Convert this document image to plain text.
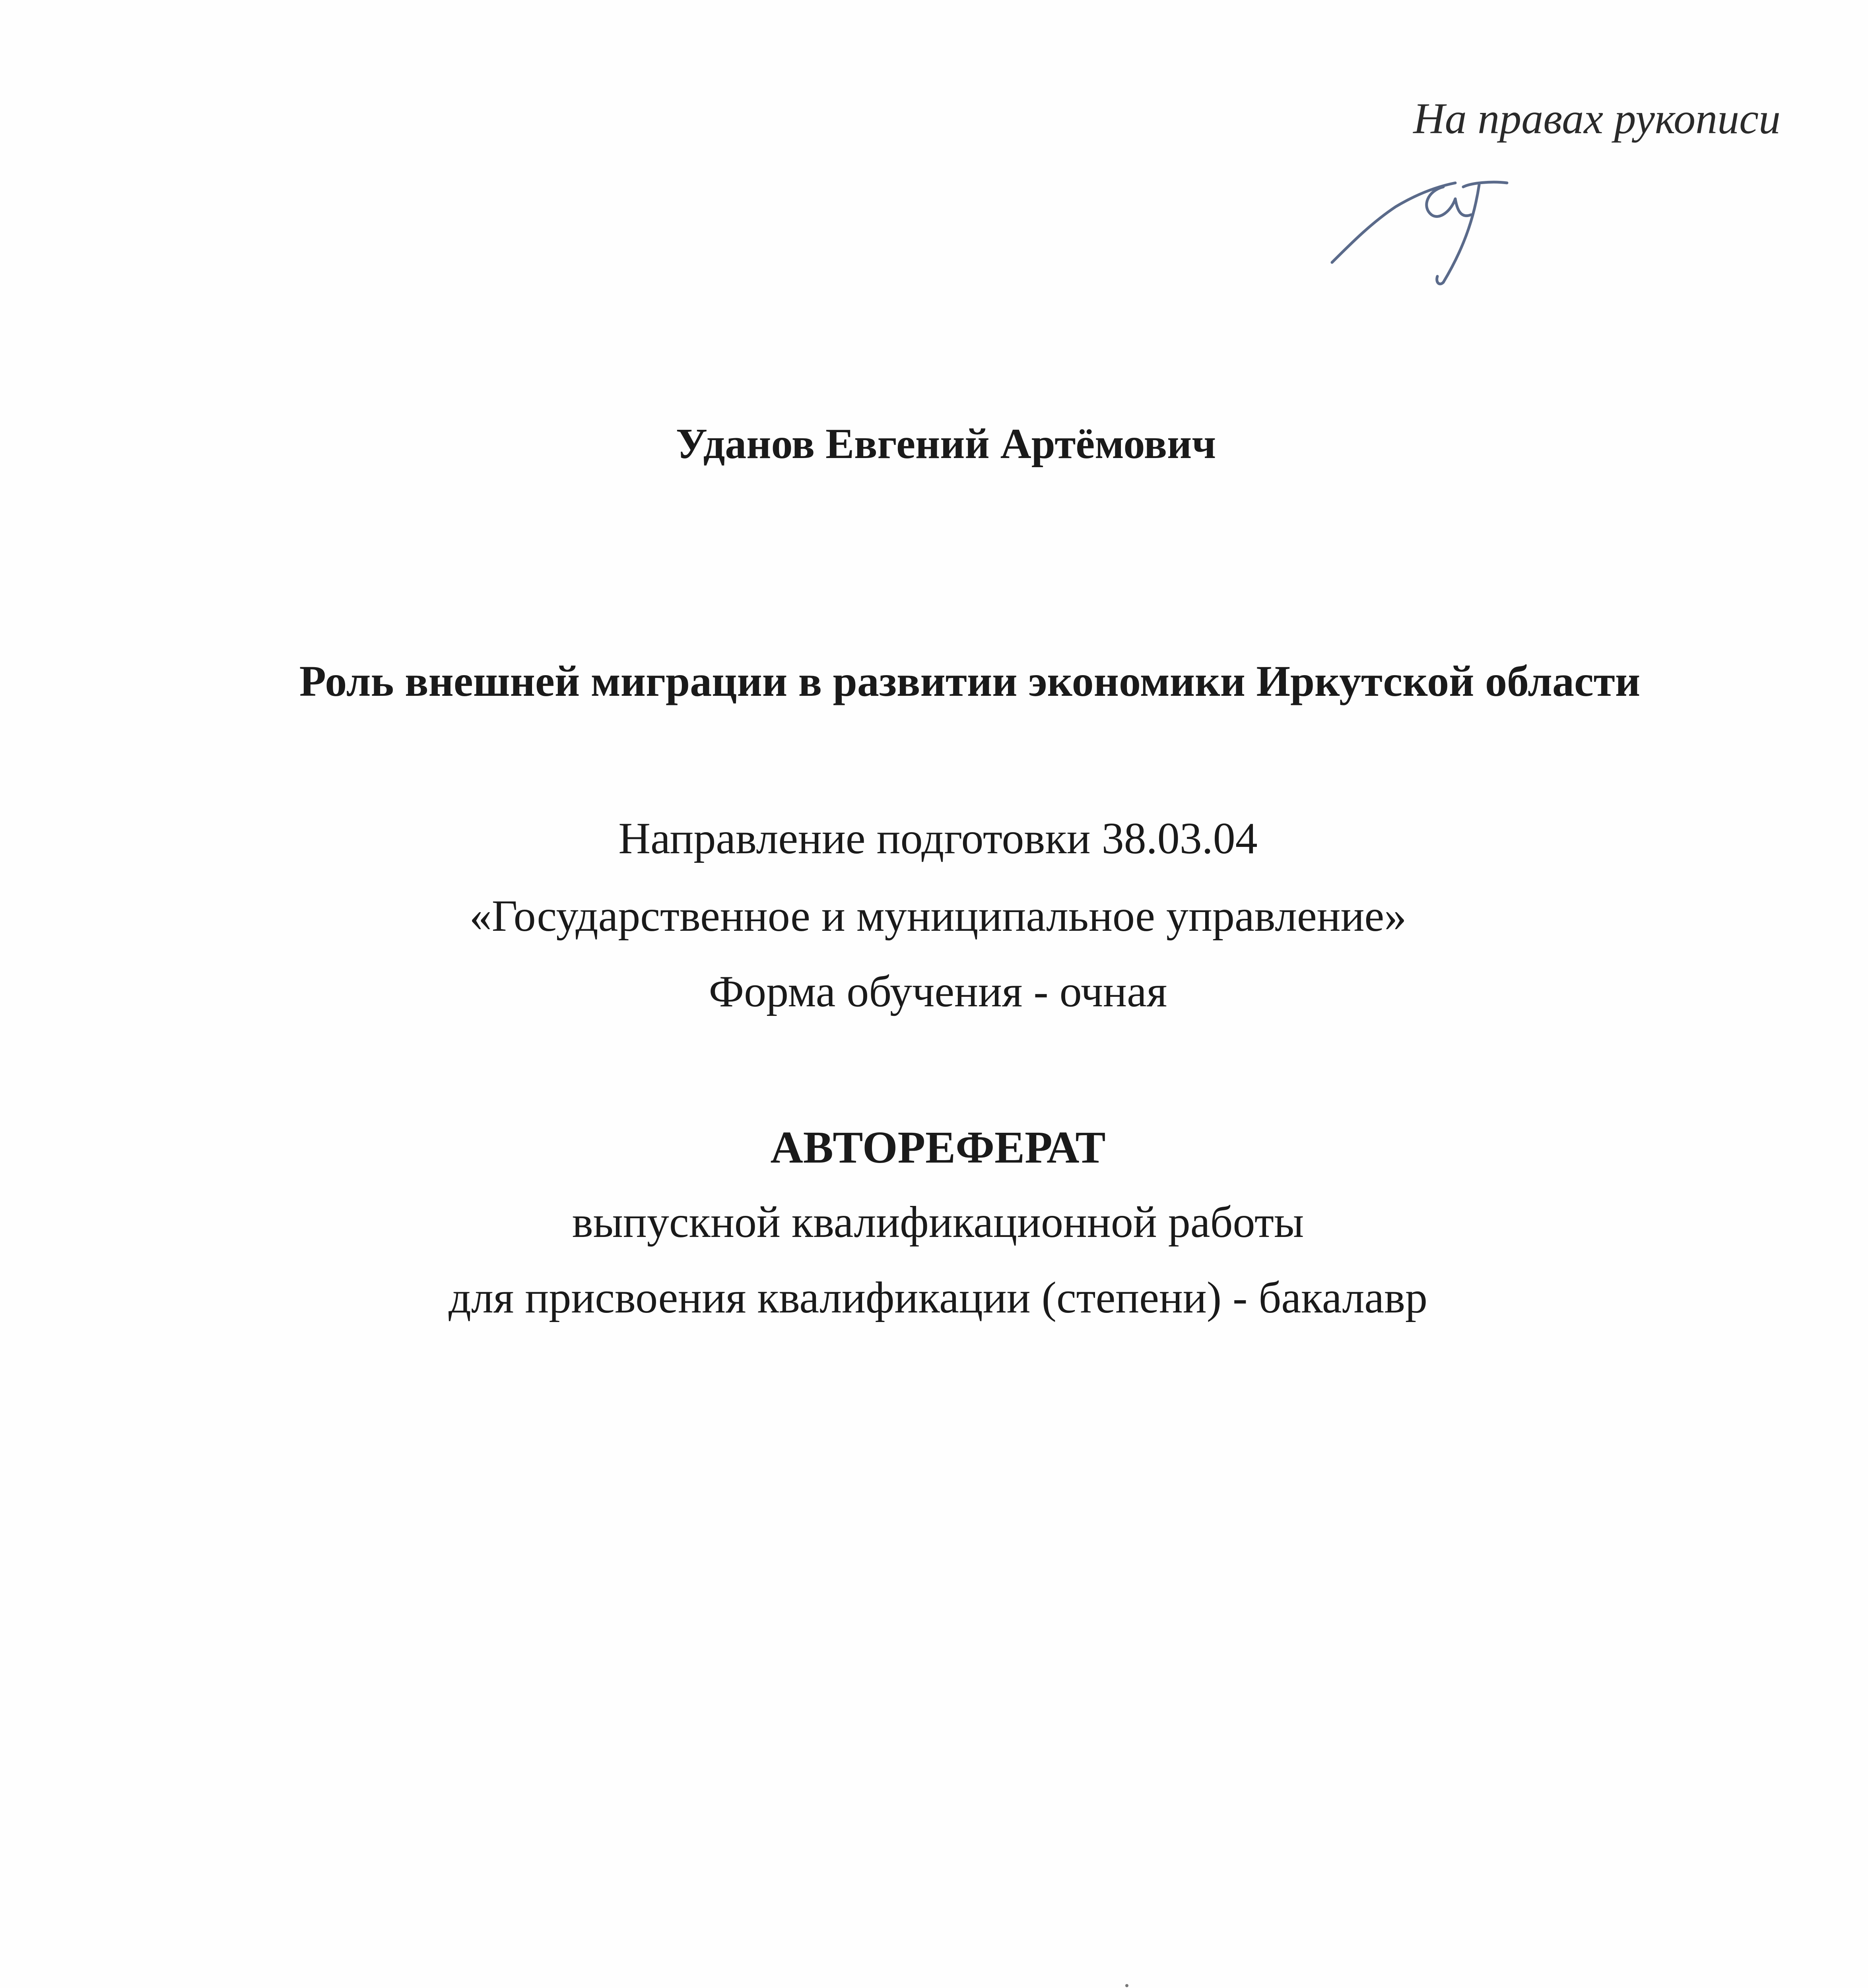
На правах рукописи
Уданов Евгений Артёмович
Роль внешней миграции в развитии экономики Иркутской области
Направление подготовки 38.03.04
«Государственное и муниципальное управление»
Форма обучения - очная
АВТОРЕФЕРАТ
выпускной квалификационной работы
для присвоения квалификации (степени) - бакалавр
